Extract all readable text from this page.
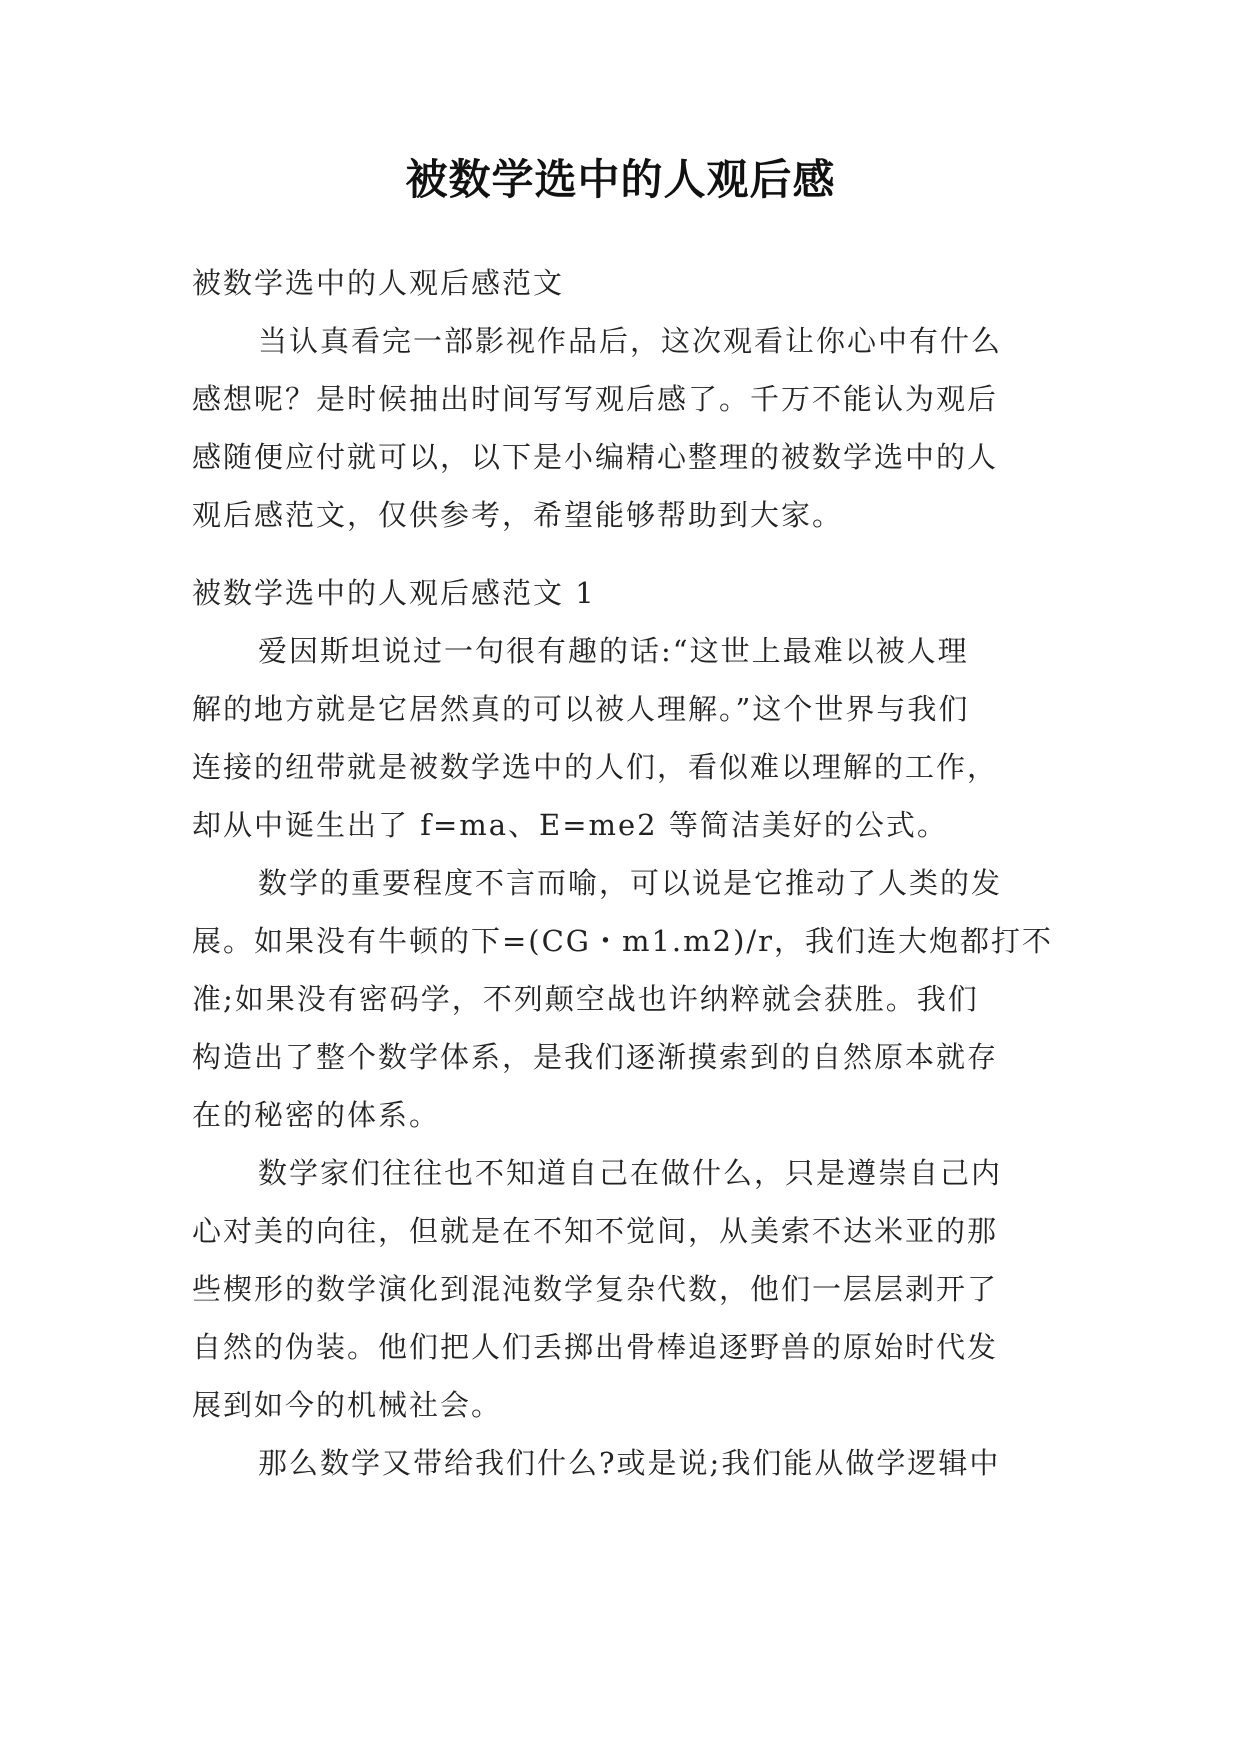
被数学选中的人观后感
被数学选中的人观后感范文
当认真看完一部影视作品后，这次观看让你心中有什么
感想呢？是时候抽出时间写写观后感了。千万不能认为观后
感随便应付就可以，以下是小编精心整理的被数学选中的人
观后感范文，仅供参考，希望能够帮助到大家。
被数学选中的人观后感范文 1
爱因斯坦说过一句很有趣的话:“这世上最难以被人理
解的地方就是它居然真的可以被人理解。”这个世界与我们
连接的纽带就是被数学选中的人们，看似难以理解的工作，
却从中诞生出了 f=ma、E=me2 等简洁美好的公式。
数学的重要程度不言而喻，可以说是它推动了人类的发
展。如果没有牛顿的下=(CG・m1.m2)/r，我们连大炮都打不
准;如果没有密码学，不列颠空战也许纳粹就会获胜。我们
构造出了整个数学体系，是我们逐渐摸索到的自然原本就存
在的秘密的体系。
数学家们往往也不知道自己在做什么，只是遵崇自己内
心对美的向往，但就是在不知不觉间，从美索不达米亚的那
些楔形的数学演化到混沌数学复杂代数，他们一层层剥开了
自然的伪装。他们把人们丢掷出骨棒追逐野兽的原始时代发
展到如今的机械社会。
那么数学又带给我们什么?或是说;我们能从做学逻辑中
